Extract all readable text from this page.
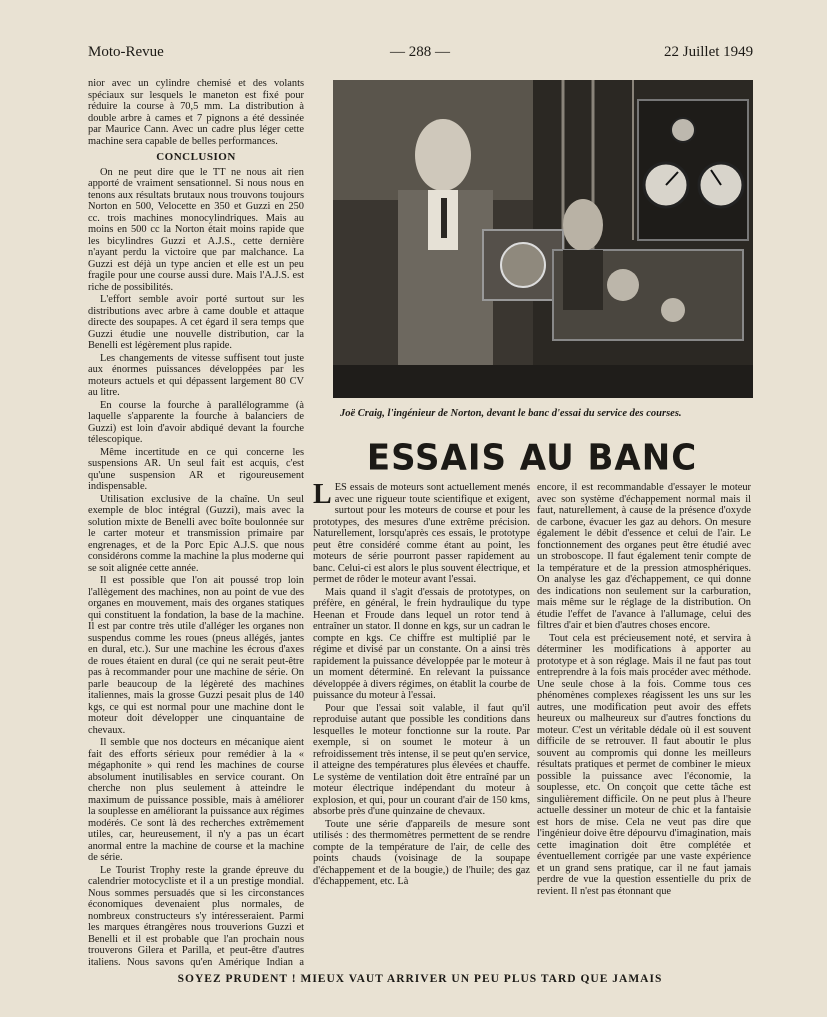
Moto-Revue	— 288 —	22 Juillet 1949

nior avec un cylindre chemisé et des volants spéciaux sur lesquels le maneton est fixé pour réduire la course à 70,5 mm. La distribution à double arbre à cames et 7 pignons a été dessinée par Maurice Cann. Avec un cadre plus léger cette machine sera capable de belles performances.

CONCLUSION

On ne peut dire que le TT ne nous ait rien apporté de vraiment sensationnel. Si nous nous en tenons aux résultats brutaux nous trouvons toujours Norton en 500, Velocette en 350 et Guzzi en 250 cc. trois machines monocylindriques. Mais au moins en 500 cc la Norton était moins rapide que les bicylindres Guzzi et A.J.S., cette dernière n'ayant perdu la victoire que par malchance. La Guzzi est déjà un type ancien et elle est un peu fragile pour une course aussi dure. Mais l'A.J.S. est riche de possibilités.

L'effort semble avoir porté surtout sur les distributions avec arbre à came double et attaque directe des soupapes. A cet égard il sera temps que Guzzi étudie une nouvelle distribution, car la Benelli est légèrement plus rapide.

Les changements de vitesse suffisent tout juste aux énormes puissances développées par les moteurs actuels et qui dépassent largement 80 CV au litre.

En course la fourche à parallélogramme (à laquelle s'apparente la fourche à balanciers de Guzzi) est loin d'avoir abdiqué devant la fourche télescopique.

Même incertitude en ce qui concerne les suspensions AR. Un seul fait est acquis, c'est qu'une suspension AR et rigoureusement indispensable.

Utilisation exclusive de la chaîne. Un seul exemple de bloc intégral (Guzzi), mais avec la solution mixte de Benelli avec boîte boulonnée sur le carter moteur et transmission primaire par engrenages, et de la Porc Epic A.J.S. que nous considérons comme la machine la plus moderne qui se soit alignée cette année.

Il est possible que l'on ait poussé trop loin l'allègement des machines, non au point de vue des organes en mouvement, mais des organes statiques qui constituent la fondation, la base de la machine. Il est par contre très utile d'alléger les organes non suspendus comme les roues (pneus allégés, jantes en dural, etc.). Sur une machine les écrous d'axes de roues étaient en dural (ce qui ne serait peut-être pas à recommander pour une machine de série. On parle beaucoup de la légèreté des machines italiennes, mais la grosse Guzzi pesait plus de 140 kgs, ce qui est normal pour une machine dont le moteur doit développer une cinquantaine de chevaux.

Il semble que nos docteurs en mécanique aient fait des efforts sérieux pour remédier à la « mégaphonite » qui rend les machines de course absolument inutilisables en service courant. On cherche non plus seulement à atteindre le maximum de puissance possible, mais à améliorer la souplesse en améliorant la puissance aux régimes modérés. Ce sont là des recherches extrêmement utiles, car, heureusement, il n'y a pas un écart anormal entre la machine de course et la machine de série.

Le Tourist Trophy reste la grande épreuve du calendrier motocycliste et il a un prestige mondial. Nous sommes persuadés que si les circonstances économiques devenaient plus normales, de nombreux constructeurs s'y intéresseraient. Parmi les marques étrangères nous trouverions Guzzi et Benelli et il est probable que l'an prochain nous trouverons Gilera et Parilla, et peut-être d'autres italiens. Nous savons qu'en Amérique Indian a

Joë Craig, l'ingénieur de Norton, devant le banc d'essai du service des courses.
ESSAIS AU BANC

LES essais de moteurs sont actuellement menés avec une rigueur toute scientifique et exigent, surtout pour les moteurs de course et pour les prototypes, des mesures d'une extrême précision. Naturellement, lorsqu'après ces essais, le prototype peut être considéré comme étant au point, les moteurs de série pourront passer rapidement au banc. Celui-ci est alors le plus souvent électrique, et permet de rôder le moteur avant l'essai.

Mais quand il s'agit d'essais de prototypes, on préfère, en général, le frein hydraulique du type Heenan et Froude dans lequel un rotor tend à entraîner un stator. Il donne en kgs, sur un cadran le compte en kgs. Ce chiffre est multiplié par le régime et divisé par un constante. On a ainsi très rapidement la puissance développée par le moteur à un moment déterminé. En relevant la puissance développée à divers régimes, on établit la courbe de puissance du moteur à l'essai.

Pour que l'essai soit valable, il faut qu'il reproduise autant que possible les conditions dans lesquelles le moteur fonctionne sur la route. Par exemple, si on soumet le moteur à un refroidissement très intense, il se peut qu'en service, il atteigne des températures plus élevées et chauffe. Le système de ventilation doit être entraîné par un moteur électrique indépendant du moteur à explosion, et qui, pour un courant d'air de 150 kms, absorbe près d'une quinzaine de chevaux.

Toute une série d'appareils de mesure sont utilisés : des thermomètres permettent de se rendre compte de la température de l'air, de celle des points chauds (voisinage de la soupape d'échappement et de la bougie,) de l'huile; des gaz d'échappement, etc. Là

encore, il est recommandable d'essayer le moteur avec son système d'échappement normal mais il faut, naturellement, à cause de la présence d'oxyde de carbone, évacuer les gaz au dehors. On mesure également le débit d'essence et celui de l'air. Le fonctionnement des organes peut être étudié avec un stroboscope. Il faut également tenir compte de la température et de la pression atmosphériques. On analyse les gaz d'échappement, ce qui donne des indications non seulement sur la carburation, mais même sur le réglage de la distribution. On étudie l'effet de l'avance à l'allumage, celui des filtres d'air et bien d'autres choses encore.

Tout cela est précieusement noté, et servira à déterminer les modifications à apporter au prototype et à son réglage. Mais il ne faut pas tout entreprendre à la fois mais procéder avec méthode. Une seule chose à la fois. Comme tous ces phénomènes complexes réagissent les uns sur les autres, une modification peut avoir des effets heureux ou malheureux sur d'autres fonctions du moteur. C'est un véritable dédale où il est souvent difficile de se retrouver. Il faut aboutir le plus souvent au compromis qui donne les meilleurs résultats pratiques et permet de combiner le mieux possible la puissance avec l'économie, la souplesse, etc. On conçoit que cette tâche est singulièrement difficile. On ne peut plus à l'heure actuelle dessiner un moteur de chic et la fantaisie est hors de mise. Cela ne veut pas dire que l'ingénieur doive être dépourvu d'imagination, mais cette imagination doit être complétée et éventuellement corrigée par une vaste expérience et un grand sens pratique, car il ne faut jamais perdre de vue la question essentielle du prix de revient. Il n'est pas étonnant que

SOYEZ PRUDENT ! MIEUX VAUT ARRIVER UN PEU PLUS TARD QUE JAMAIS
